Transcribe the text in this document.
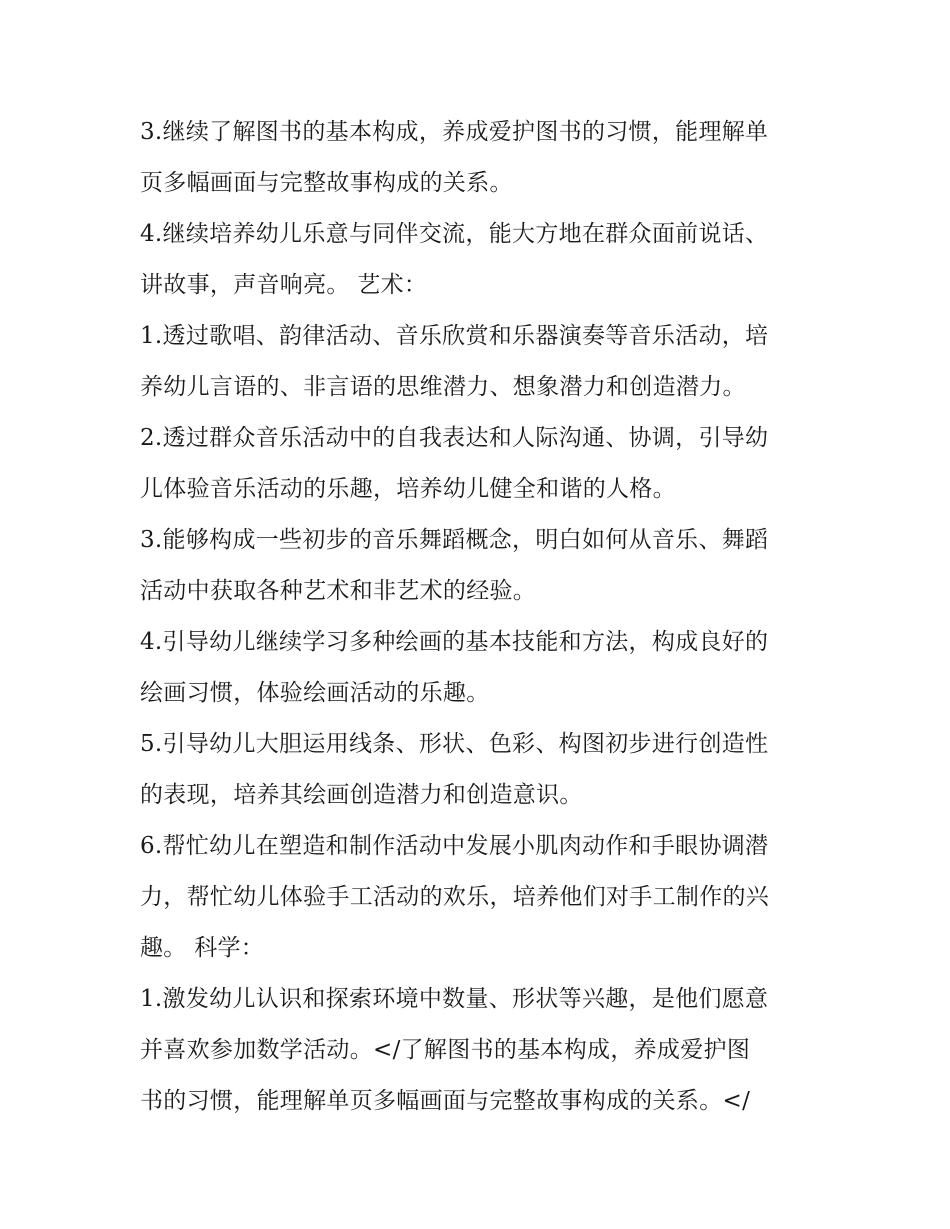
3.继续了解图书的基本构成，养成爱护图书的习惯，能理解单
页多幅画面与完整故事构成的关系。
4.继续培养幼儿乐意与同伴交流，能大方地在群众面前说话、
讲故事，声音响亮。 艺术：
1.透过歌唱、韵律活动、音乐欣赏和乐器演奏等音乐活动，培
养幼儿言语的、非言语的思维潜力、想象潜力和创造潜力。
2.透过群众音乐活动中的自我表达和人际沟通、协调，引导幼
儿体验音乐活动的乐趣，培养幼儿健全和谐的人格。
3.能够构成一些初步的音乐舞蹈概念，明白如何从音乐、舞蹈
活动中获取各种艺术和非艺术的经验。
4.引导幼儿继续学习多种绘画的基本技能和方法，构成良好的
绘画习惯，体验绘画活动的乐趣。
5.引导幼儿大胆运用线条、形状、色彩、构图初步进行创造性
的表现，培养其绘画创造潜力和创造意识。
6.帮忙幼儿在塑造和制作活动中发展小肌肉动作和手眼协调潜
力，帮忙幼儿体验手工活动的欢乐，培养他们对手工制作的兴
趣。 科学：
1.激发幼儿认识和探索环境中数量、形状等兴趣，是他们愿意
并喜欢参加数学活动。</了解图书的基本构成，养成爱护图
书的习惯，能理解单页多幅画面与完整故事构成的关系。</
